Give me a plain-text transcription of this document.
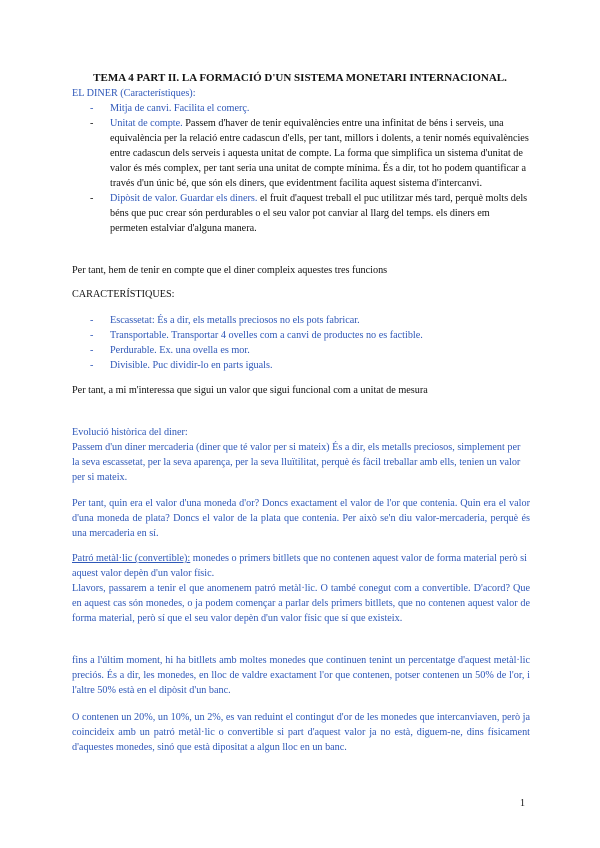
TEMA 4 PART II. LA FORMACIÓ D'UN SISTEMA MONETARI INTERNACIONAL.
EL DINER (Característiques):
- Mitja de canvi. Facilita el comerç.
- Unitat de compte. Passem d'haver de tenir equivalències entre una infinitat de béns i serveis, una equivalència per la relació entre cadascun d'ells, per tant, millors i dolents, a tenir només equivalències entre cadascun dels serveis i aquesta unitat de compte. La forma que simplifica un sistema d'unitat de valor és més complex, per tant seria una unitat de compte mínima. És a dir, tot ho podem quantificar a través d'un únic bé, que són els diners, que evidentment facilita aquest sistema d'intercanvi.
- Dipòsit de valor. Guardar els diners. el fruit d'aquest treball el puc utilitzar més tard, perquè molts dels béns que puc crear són perdurables o el seu valor pot canviar al llarg del temps. els diners em permeten estalviar d'alguna manera.
Per tant, hem de tenir en compte que el diner compleix aquestes tres funcions
CARACTERÍSTIQUES:
- Escassetat: És a dir, els metalls preciosos no els pots fabricar.
- Transportable. Transportar 4 ovelles com a canvi de productes no es factible.
- Perdurable. Ex. una ovella es mor.
- Divisible. Puc dividir-lo en parts iguals.
Per tant, a mi m'interessa que sigui un valor que sigui funcional com a unitat de mesura
Evolució històrica del diner:
Passem d'un diner mercaderia (diner que té valor per si mateix) És a dir, els metalls preciosos, simplement per la seva escassetat, per la seva aparença, per la seva lluïtilitat, perquè és fàcil treballar amb ells, tenien un valor per si mateix.
Per tant, quin era el valor d'una moneda d'or? Doncs exactament el valor de l'or que contenia. Quin era el valor d'una moneda de plata? Doncs el valor de la plata que contenia. Per això se'n diu valor-mercaderia, perquè és una mercaderia en sí.
Patró metàl·lic (convertible): monedes o primers bitllets que no contenen aquest valor de forma material però si aquest valor depèn d'un valor físic.
Llavors, passarem a tenir el que anomenem patró metàl·lic. O també conegut com a convertible. D'acord? Que en aquest cas són monedes, o ja podem començar a parlar dels primers bitllets, que no contenen aquest valor de forma material, però sí que el seu valor depèn d'un valor físic que sí que existeix.
fins a l'últim moment, hi ha bitllets amb moltes monedes que continuen tenint un percentatge d'aquest metàl·lic preciós. És a dir, les monedes, en lloc de valdre exactament l'or que contenen, potser contenen un 50% de l'or, i l'altre 50% està en el dipòsit d'un banc.
O contenen un 20%, un 10%, un 2%, es van reduint el contingut d'or de les monedes que intercanviaven, però ja coincideix amb un patró metàl·lic o convertible si part d'aquest valor ja no està, diguem-ne, dins físicament d'aquestes monedes, sinó que està dipositat a algun lloc en un banc.
1
